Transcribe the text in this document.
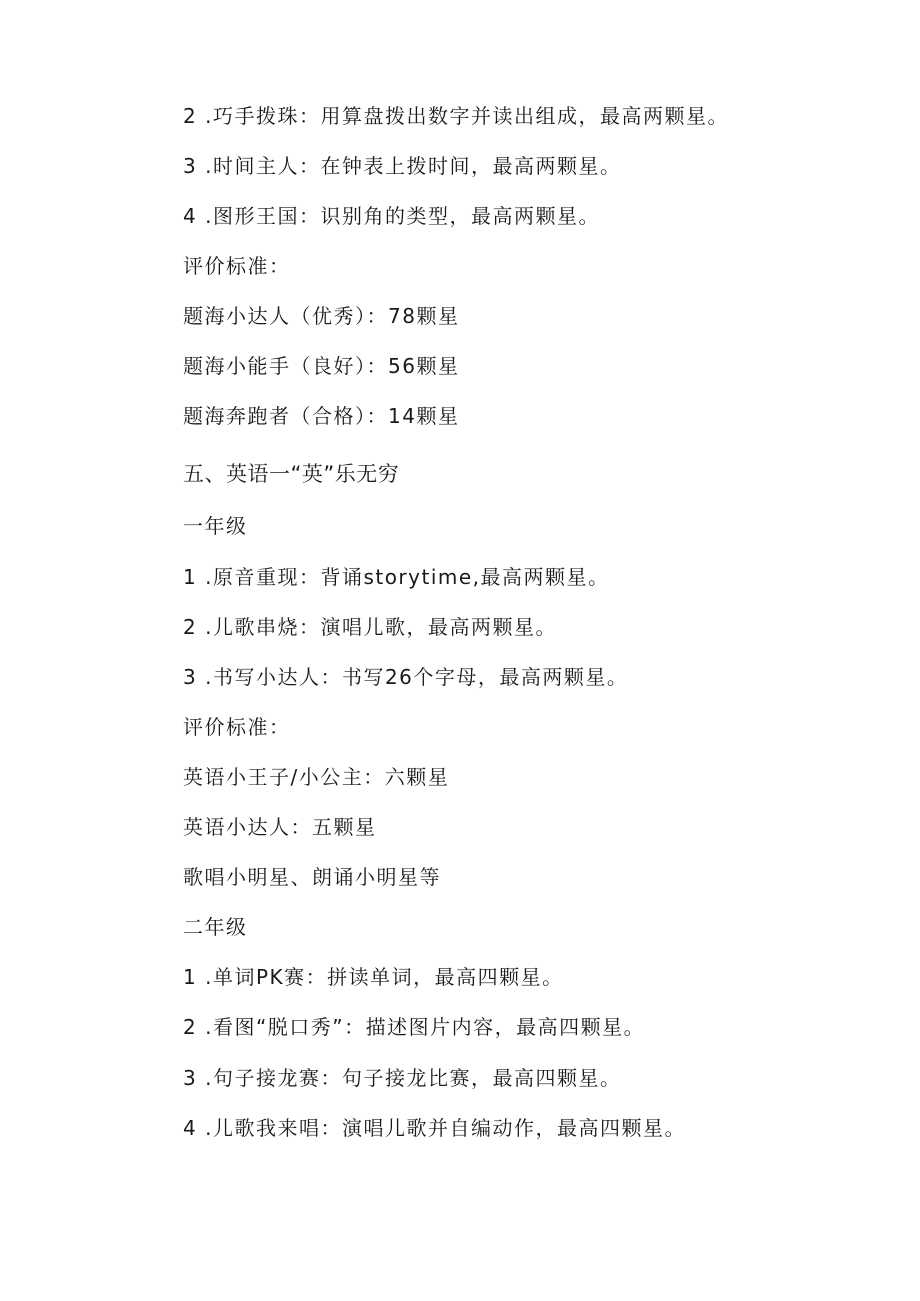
2 .巧手拨珠：用算盘拨出数字并读出组成，最高两颗星。
3 .时间主人：在钟表上拨时间，最高两颗星。
4 .图形王国：识别角的类型，最高两颗星。
评价标准：
题海小达人（优秀）：78颗星
题海小能手（良好）：56颗星
题海奔跑者（合格）：14颗星
五、英语一“英”乐无穷
一年级
1 .原音重现：背诵storytime,最高两颗星。
2 .儿歌串烧：演唱儿歌，最高两颗星。
3 .书写小达人：书写26个字母，最高两颗星。
评价标准：
英语小王子/小公主：六颗星
英语小达人：五颗星
歌唱小明星、朗诵小明星等
二年级
1 .单词PK赛：拼读单词，最高四颗星。
2 .看图“脱口秀”：描述图片内容，最高四颗星。
3 .句子接龙赛：句子接龙比赛，最高四颗星。
4 .儿歌我来唱：演唱儿歌并自编动作，最高四颗星。
